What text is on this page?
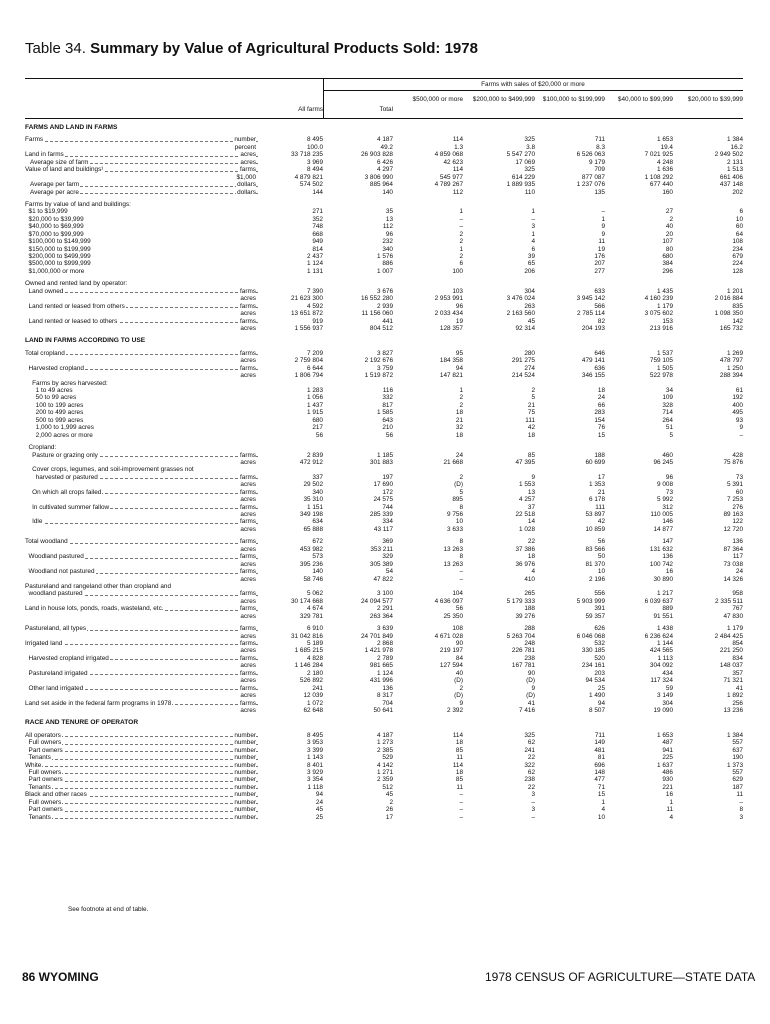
Table 34. Summary by Value of Agricultural Products Sold: 1978
Farms with sales of $20,000 or more
All farms	Total
$500,000 or more	$200,000 to $499,999	$100,000 to $199,999	$40,000 to $99,999	$20,000 to $39,999
FARMS AND LAND IN FARMS
Farms	number	8 495	4 187	114	325	711	1 653	1 384
percent	100.0	49.2	1.3	3.8	8.3	19.4	16.2
Land in farms	acres	33 718 235	26 903 828	4 859 068	5 547 270	6 526 063	7 021 925	2 949 502
Average size of farm	acres	3 969	6 426	42 623	17 069	9 179	4 248	2 131
Value of land and buildings¹	farms	8 494	4 297	114	325	709	1 636	1 513
$1,000	4 879 821	3 806 990	545 977	614 229	877 087	1 108 292	661 406
Average per farm	dollars	574 502	885 964	4 789 267	1 889 935	1 237 076	677 440	437 148
Average per acre	dollars	144	140	112	110	135	160	202
Farms by value of land and buildings:
$1 to $19,999	271	35	1	1	–	27	6
$20,000 to $39,999	352	13	–	–	1	2	10
$40,000 to $69,999	748	112	–	3	9	40	60
$70,000 to $99,999	668	96	2	1	9	20	64
$100,000 to $149,999	949	232	2	4	11	107	108
$150,000 to $199,999	814	340	1	6	19	80	234
$200,000 to $499,999	2 437	1 576	2	39	176	680	679
$500,000 to $999,999	1 124	886	6	65	207	384	224
$1,000,000 or more	1 131	1 007	100	206	277	296	128
Owned and rented land by operator:
Land owned	farms	7 390	3 676	103	304	633	1 435	1 201
acres	21 623 300	16 552 280	2 953 991	3 476 024	3 945 142	4 160 239	2 016 884
Land rented or leased from others	farms	4 592	2 939	96	263	566	1 179	835
acres	13 651 872	11 156 060	2 033 434	2 163 560	2 785 114	3 075 602	1 098 350
Land rented or leased to others	farms	919	441	19	45	82	153	142
acres	1 556 937	804 512	128 357	92 314	204 193	213 916	165 732
LAND IN FARMS ACCORDING TO USE
Total cropland	farms	7 209	3 827	95	280	646	1 537	1 269
acres	2 759 804	2 192 676	184 358	291 275	479 141	759 105	478 797
Harvested cropland	farms	6 644	3 759	94	274	636	1 505	1 250
acres	1 806 794	1 519 872	147 821	214 524	346 155	522 978	288 394
Farms by acres harvested:
1 to 49 acres	1 283	116	1	2	18	34	61
50 to 99 acres	1 056	332	2	5	24	109	192
100 to 199 acres	1 437	817	2	21	66	328	400
200 to 499 acres	1 915	1 585	18	75	283	714	495
500 to 999 acres	680	643	21	111	154	264	93
1,000 to 1,999 acres	217	210	32	42	76	51	9
2,000 acres or more	56	56	18	18	15	5	–
Cropland:
Pasture or grazing only	farms	2 839	1 185	24	85	188	460	428
acres	472 912	301 883	21 668	47 395	60 699	96 245	75 876
Cover crops, legumes, and soil-improvement grasses not
harvested or pastured	farms	337	197	2	9	17	96	73
acres	29 502	17 690	(D)	1 553	1 353	9 008	5 391
On which all crops failed	farms	340	172	5	13	21	73	60
acres	35 310	24 575	895	4 257	6 178	5 992	7 253
In cultivated summer fallow	farms	1 151	744	8	37	111	312	276
acres	349 198	285 339	9 756	22 518	53 897	110 005	89 163
Idle	farms	634	334	10	14	42	146	122
acres	65 888	43 117	3 633	1 028	10 859	14 877	12 720
Total woodland	farms	672	369	8	22	56	147	136
acres	453 982	353 211	13 263	37 386	83 566	131 632	87 364
Woodland pastured	farms	573	329	8	18	50	136	117
acres	395 236	305 389	13 263	36 976	81 370	100 742	73 038
Woodland not pastured	farms	140	54	–	4	10	16	24
acres	58 746	47 822	–	410	2 196	30 890	14 326
Pastureland and rangeland other than cropland and
woodland pastured	farms	5 062	3 100	104	265	556	1 217	958
acres	30 174 668	24 094 577	4 636 097	5 179 333	5 903 999	6 039 637	2 335 511
Land in house lots, ponds, roads, wasteland, etc.	farms	4 674	2 291	56	188	391	889	767
acres	329 781	263 364	25 350	39 276	59 357	91 551	47 830
Pastureland, all types	farms	6 910	3 639	108	288	626	1 438	1 179
acres	31 042 816	24 701 849	4 671 028	5 263 704	6 046 068	6 236 624	2 484 425
Irrigated land	farms	5 189	2 868	90	248	532	1 144	854
acres	1 685 215	1 421 978	219 197	226 781	330 185	424 565	221 250
Harvested cropland irrigated	farms	4 828	2 789	84	238	520	1 113	834
acres	1 146 284	981 665	127 594	167 781	234 161	304 092	148 037
Pastureland irrigated	farms	2 180	1 124	40	90	203	434	357
acres	526 892	431 996	(D)	(D)	94 534	117 324	71 321
Other land irrigated	farms	241	136	2	9	25	59	41
acres	12 039	8 317	(D)	(D)	1 490	3 149	1 892
Land set aside in the federal farm programs in 1978	farms	1 072	704	9	41	94	304	256
acres	62 648	50 641	2 392	7 416	8 507	19 090	13 236
RACE AND TENURE OF OPERATOR
All operators	number	8 495	4 187	114	325	711	1 653	1 384
Full owners	number	3 953	1 273	18	62	149	487	557
Part owners	number	3 399	2 385	85	241	481	941	637
Tenants	number	1 143	529	11	22	81	225	190
White	number	8 401	4 142	114	322	696	1 637	1 373
Full owners	number	3 929	1 271	18	62	148	486	557
Part owners	number	3 354	2 359	85	238	477	930	629
Tenants	number	1 118	512	11	22	71	221	187
Black and other races	number	94	45	–	3	15	16	11
Full owners	number	24	2	–	–	1	1	–
Part owners	number	45	26	–	3	4	11	8
Tenants	number	25	17	–	–	10	4	3
See footnote at end of table.
86 WYOMING	1978 CENSUS OF AGRICULTURE—STATE DATA
